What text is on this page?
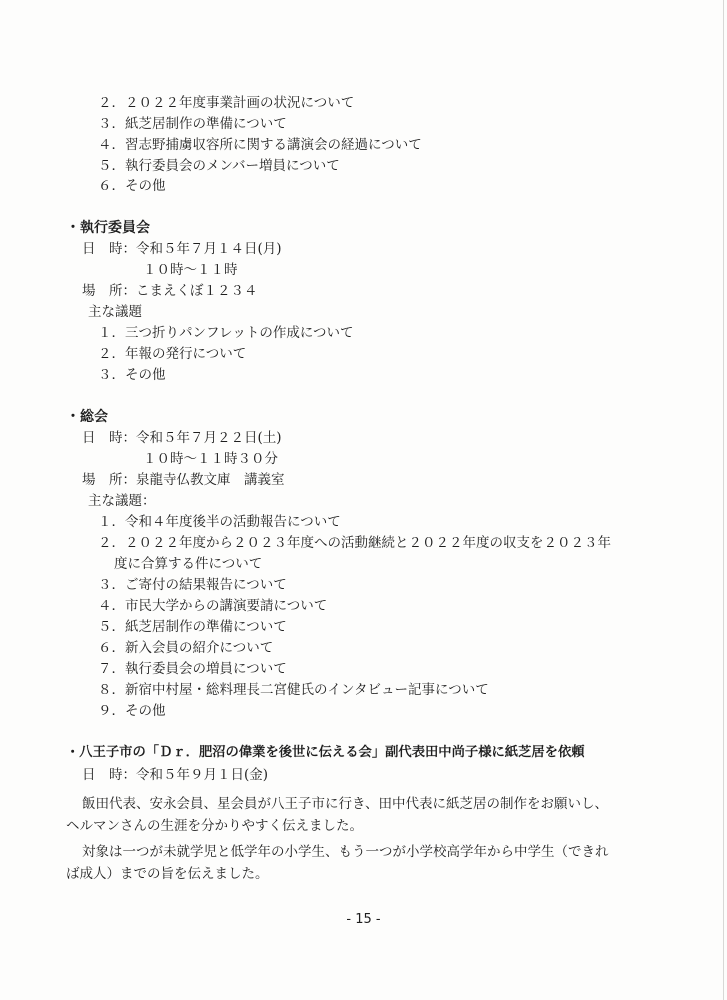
２．２０２２年度事業計画の状況について
３．紙芝居制作の準備について
４．習志野捕虜収容所に関する講演会の経過について
５．執行委員会のメンバー増員について
６．その他
・執行委員会
日　時：令和５年７月１４日(月)
１０時～１１時
場　所：こまえくぼ１２３４
主な議題
１．三つ折りパンフレットの作成について
２．年報の発行について
３．その他
・総会
日　時：令和５年７月２２日(土)
１０時～１１時３０分
場　所：泉龍寺仏教文庫　講義室
主な議題：
１．令和４年度後半の活動報告について
２．２０２２年度から２０２３年度への活動継続と２０２２年度の収支を２０２３年
度に合算する件について
３．ご寄付の結果報告について
４．市民大学からの講演要請について
５．紙芝居制作の準備について
６．新入会員の紹介について
７．執行委員会の増員について
８．新宿中村屋・総料理長二宮健氏のインタビュー記事について
９．その他
・八王子市の「Ｄｒ．肥沼の偉業を後世に伝える会」副代表田中尚子様に紙芝居を依頼
日　時：令和５年９月１日(金)
飯田代表、安永会員、星会員が八王子市に行き、田中代表に紙芝居の制作をお願いし、
ヘルマンさんの生涯を分かりやすく伝えました。
対象は一つが未就学児と低学年の小学生、もう一つが小学校高学年から中学生（できれ
ば成人）までの旨を伝えました。
- 15 -
